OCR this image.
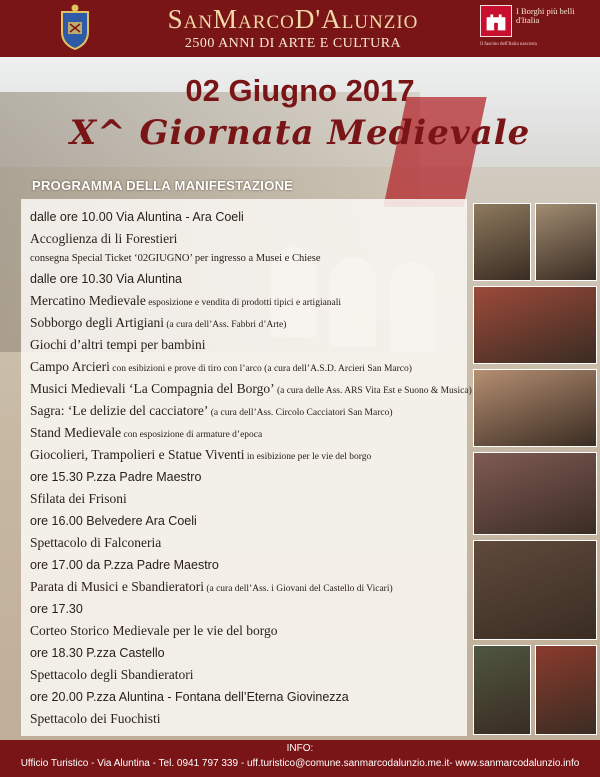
SanMarcoD'Alunzio
2500 ANNI DI ARTE E CULTURA
I Borghi più belli d'Italia
Il fascino dell'Italia nascosta
02 Giugno 2017
X^ Giornata Medievale
PROGRAMMA DELLA MANIFESTAZIONE
dalle ore 10.00 Via Aluntina - Ara Coeli
Accoglienza di li Forestieri
consegna Special Ticket ‘02GIUGNO’ per ingresso a Musei e Chiese
dalle ore 10.30 Via Aluntina
Mercatino Medievale esposizione e vendita di prodotti tipici e artigianali
Sobborgo degli Artigiani (a cura dell’Ass. Fabbri d’Arte)
Giochi d’altri tempi per bambini
Campo Arcieri con esibizioni e prove di tiro con l’arco (a cura dell’A.S.D. Arcieri San Marco)
Musici Medievali ‘La Compagnia del Borgo’ (a cura delle Ass. ARS Vita Est e Suono & Musica)
Sagra: ‘Le delizie del cacciatore’ (a cura dell’Ass. Circolo Cacciatori San Marco)
Stand Medievale con esposizione di armature d’epoca
Giocolieri, Trampolieri e Statue Viventi in esibizione per le vie del borgo
ore 15.30 P.zza Padre Maestro
Sfilata dei Frisoni
ore 16.00 Belvedere Ara Coeli
Spettacolo di Falconeria
ore 17.00 da P.zza Padre Maestro
Parata di Musici e Sbandieratori (a cura dell’Ass. i Giovani del Castello di Vicari)
ore 17.30
Corteo Storico Medievale per le vie del borgo
ore 18.30 P.zza Castello
Spettacolo degli Sbandieratori
ore 20.00 P.zza Aluntina - Fontana dell’Eterna Giovinezza
Spettacolo dei Fuochisti
INFO:
Ufficio Turistico - Via Aluntina - Tel. 0941 797 339 - uff.turistico@comune.sanmarcodalunzio.me.it- www.sanmarcodalunzio.info
